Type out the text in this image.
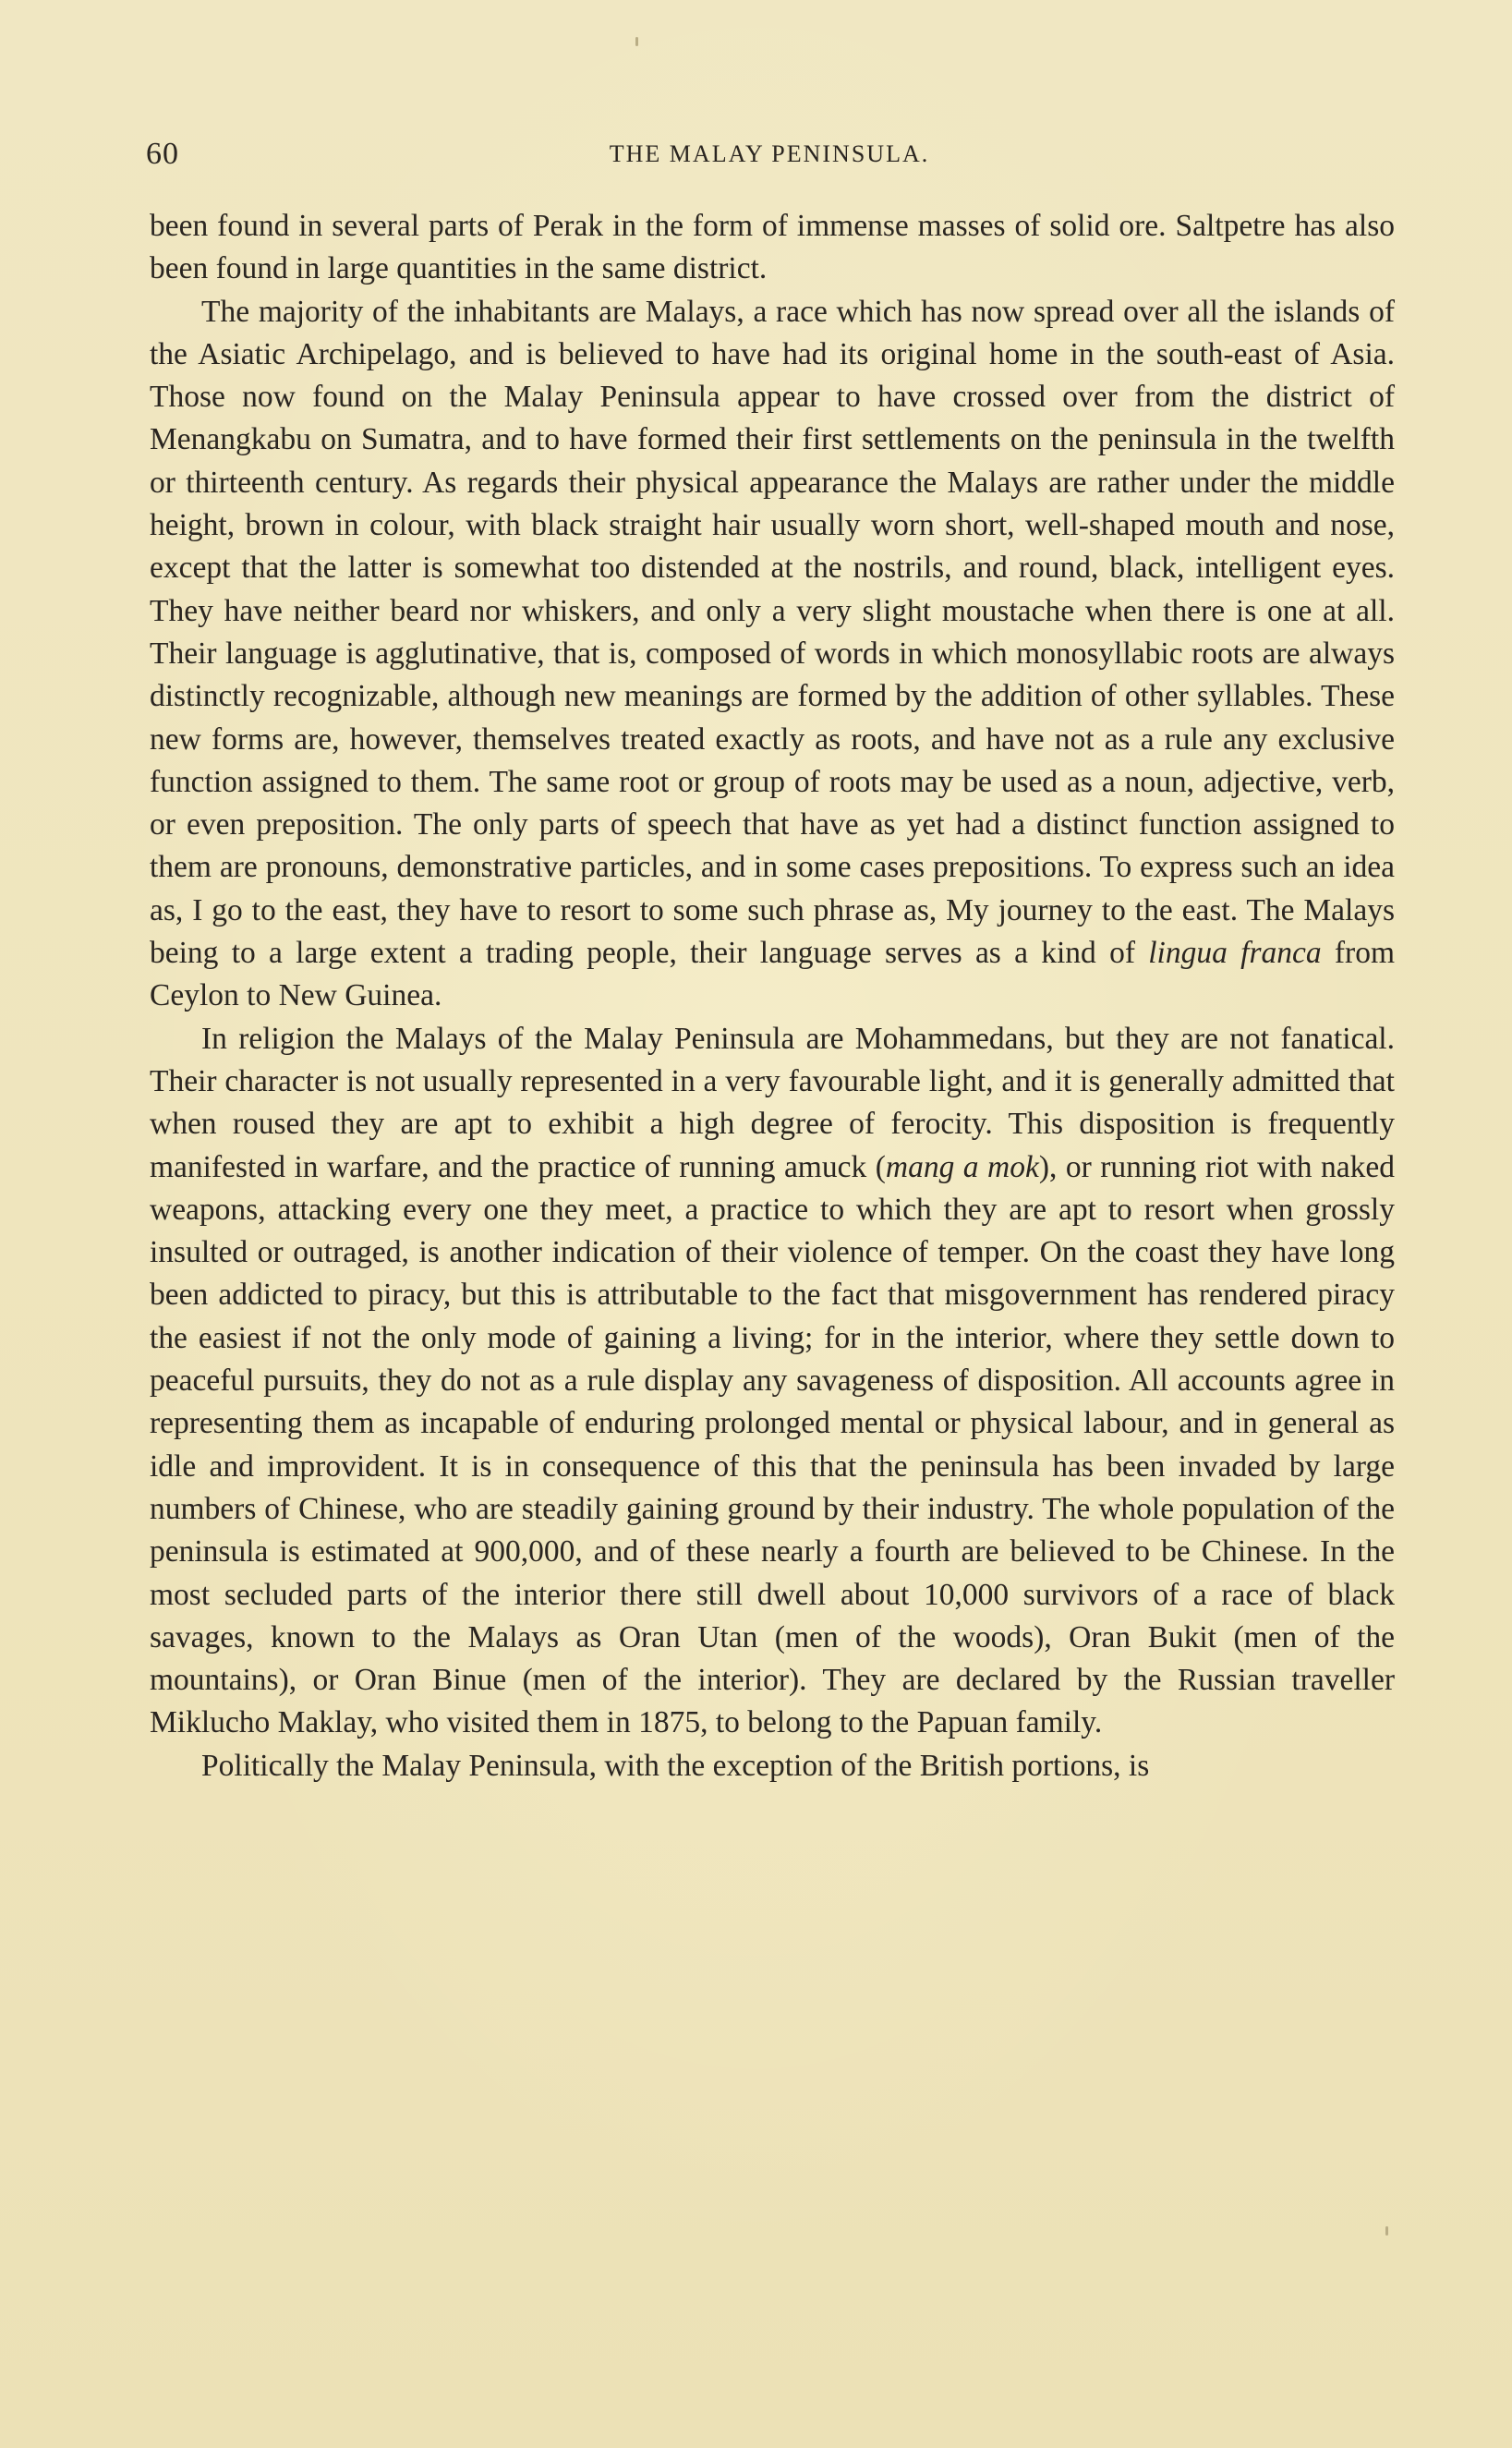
60	THE MALAY PENINSULA.

been found in several parts of Perak in the form of immense masses of solid ore. Saltpetre has also been found in large quantities in the same district.

The majority of the inhabitants are Malays, a race which has now spread over all the islands of the Asiatic Archipelago, and is believed to have had its original home in the south-east of Asia. Those now found on the Malay Peninsula appear to have crossed over from the district of Menangkabu on Sumatra, and to have formed their first settlements on the peninsula in the twelfth or thirteenth century. As regards their physical appearance the Malays are rather under the middle height, brown in colour, with black straight hair usually worn short, well-shaped mouth and nose, except that the latter is somewhat too distended at the nostrils, and round, black, intelligent eyes. They have neither beard nor whiskers, and only a very slight moustache when there is one at all. Their language is agglutinative, that is, composed of words in which monosyllabic roots are always distinctly recognizable, although new meanings are formed by the addition of other syllables. These new forms are, however, themselves treated exactly as roots, and have not as a rule any exclusive function assigned to them. The same root or group of roots may be used as a noun, adjective, verb, or even preposition. The only parts of speech that have as yet had a distinct function assigned to them are pronouns, demonstrative particles, and in some cases prepositions. To express such an idea as, I go to the east, they have to resort to some such phrase as, My journey to the east. The Malays being to a large extent a trading people, their language serves as a kind of lingua franca from Ceylon to New Guinea.

In religion the Malays of the Malay Peninsula are Mohammedans, but they are not fanatical. Their character is not usually represented in a very favourable light, and it is generally admitted that when roused they are apt to exhibit a high degree of ferocity. This disposition is frequently manifested in warfare, and the practice of running amuck (mang a mok), or running riot with naked weapons, attacking every one they meet, a practice to which they are apt to resort when grossly insulted or outraged, is another indication of their violence of temper. On the coast they have long been addicted to piracy, but this is attributable to the fact that misgovernment has rendered piracy the easiest if not the only mode of gaining a living; for in the interior, where they settle down to peaceful pursuits, they do not as a rule display any savageness of disposition. All accounts agree in representing them as incapable of enduring prolonged mental or physical labour, and in general as idle and improvident. It is in consequence of this that the peninsula has been invaded by large numbers of Chinese, who are steadily gaining ground by their industry. The whole population of the peninsula is estimated at 900,000, and of these nearly a fourth are believed to be Chinese. In the most secluded parts of the interior there still dwell about 10,000 survivors of a race of black savages, known to the Malays as Oran Utan (men of the woods), Oran Bukit (men of the mountains), or Oran Binue (men of the interior). They are declared by the Russian traveller Miklucho Maklay, who visited them in 1875, to belong to the Papuan family.

Politically the Malay Peninsula, with the exception of the British portions, is
